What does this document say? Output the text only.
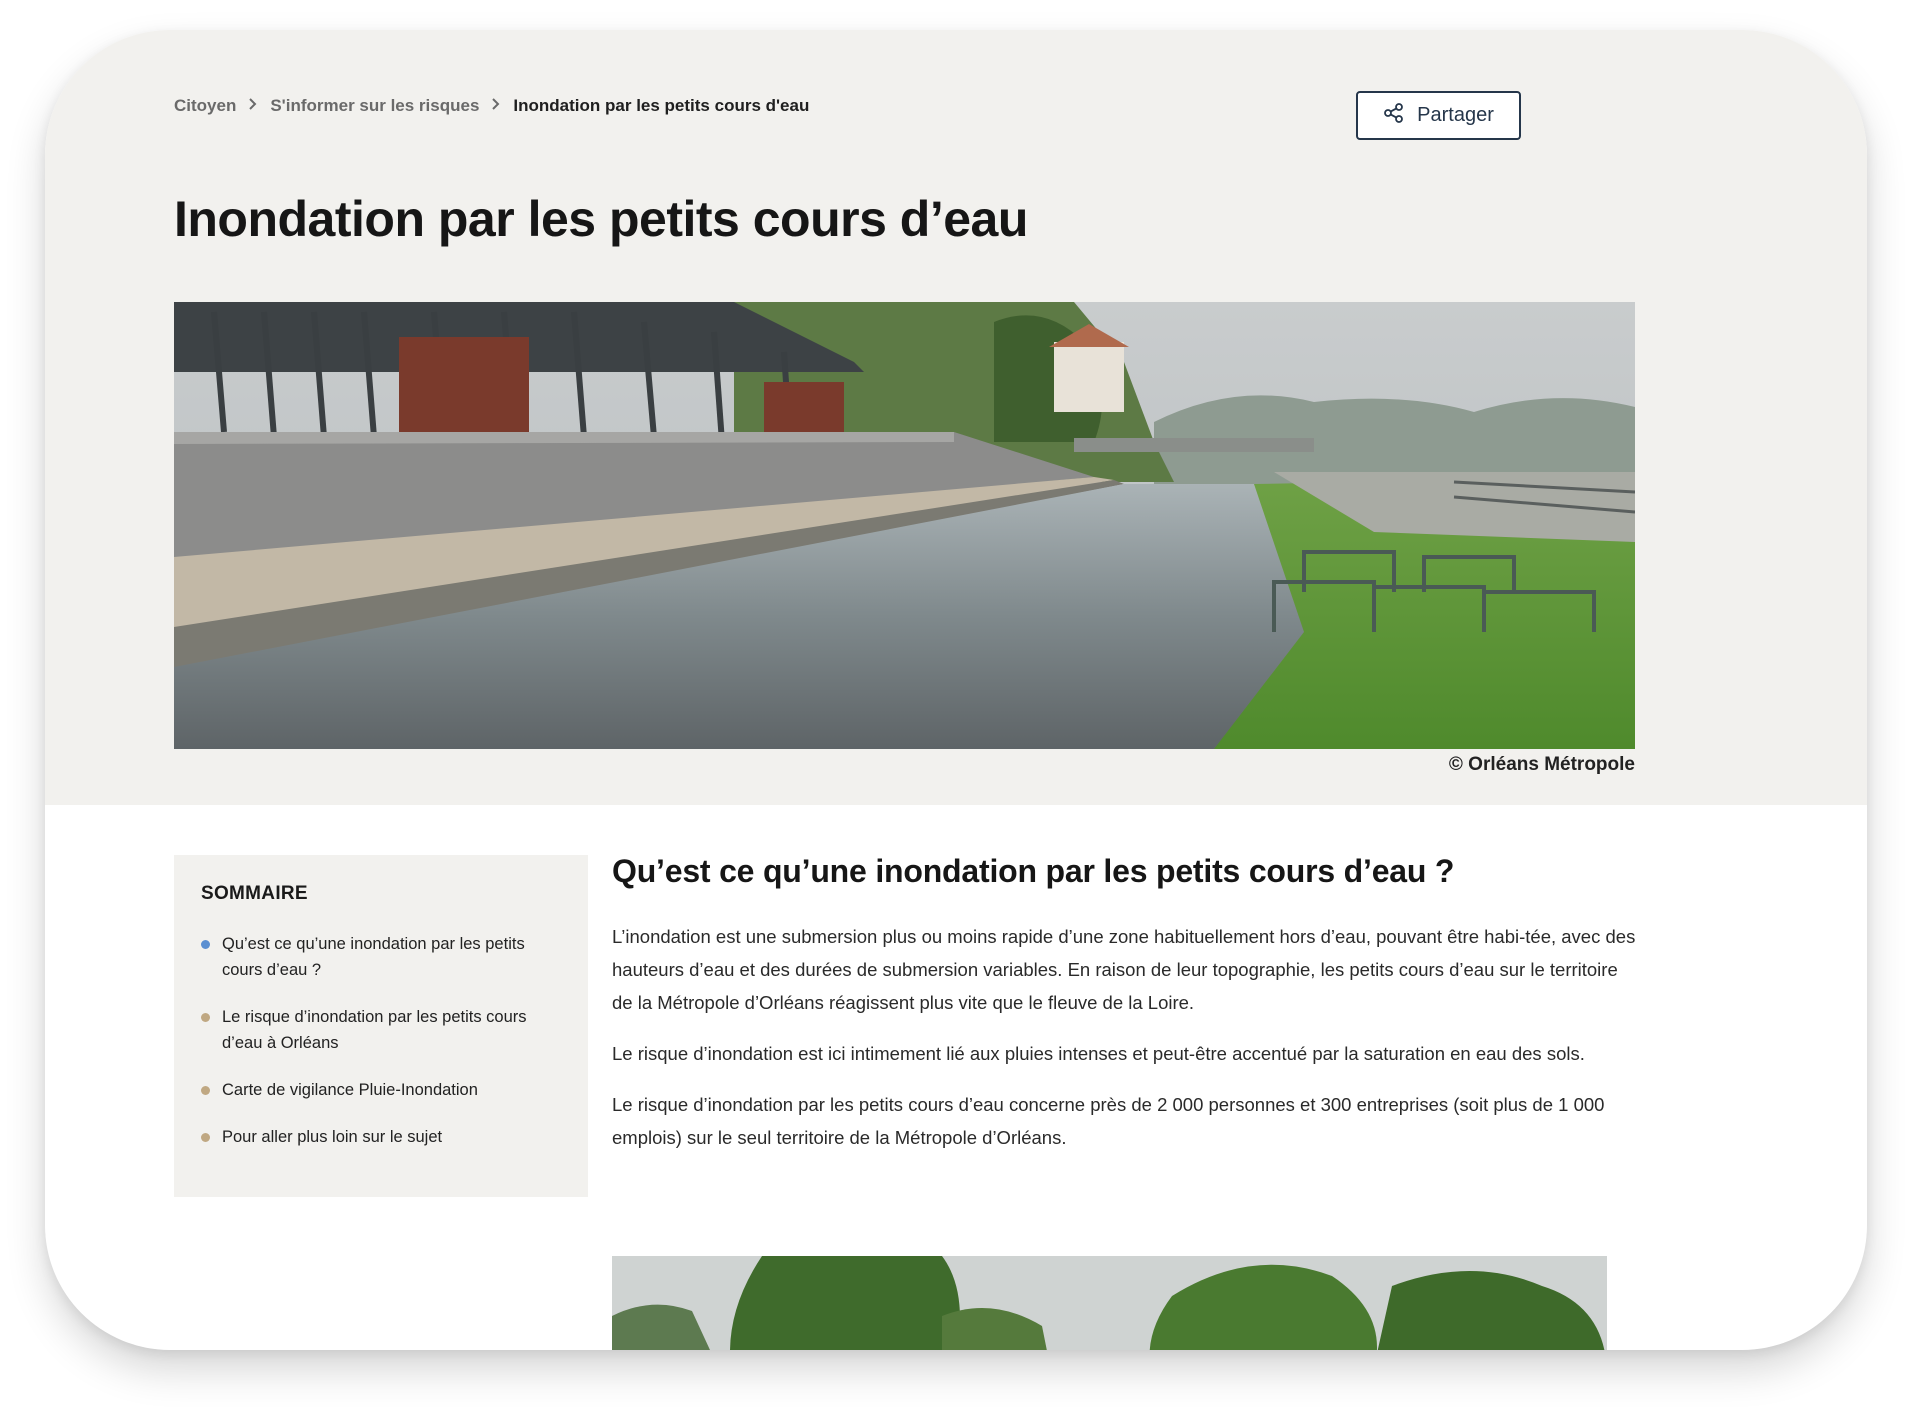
Citoyen S'informer sur les risques Inondation par les petits cours d'eau	Partager
Inondation par les petits cours d’eau
© Orléans Métropole
SOMMAIRE
Qu’est ce qu’une inondation par les petits cours d’eau ?
Le risque d’inondation par les petits cours d’eau à Orléans
Carte de vigilance Pluie-Inondation
Pour aller plus loin sur le sujet
Qu’est ce qu’une inondation par les petits cours d’eau ?

L’inondation est une submersion plus ou moins rapide d’une zone habituellement hors d’eau, pouvant être habi-tée, avec des hauteurs d’eau et des durées de submersion variables. En raison de leur topographie, les petits cours d’eau sur le territoire de la Métropole d’Orléans réagissent plus vite que le fleuve de la Loire.

Le risque d’inondation est ici intimement lié aux pluies intenses et peut-être accentué par la saturation en eau des sols.

Le risque d’inondation par les petits cours d’eau concerne près de 2 000 personnes et 300 entreprises (soit plus de 1 000 emplois) sur le seul territoire de la Métropole d’Orléans.
